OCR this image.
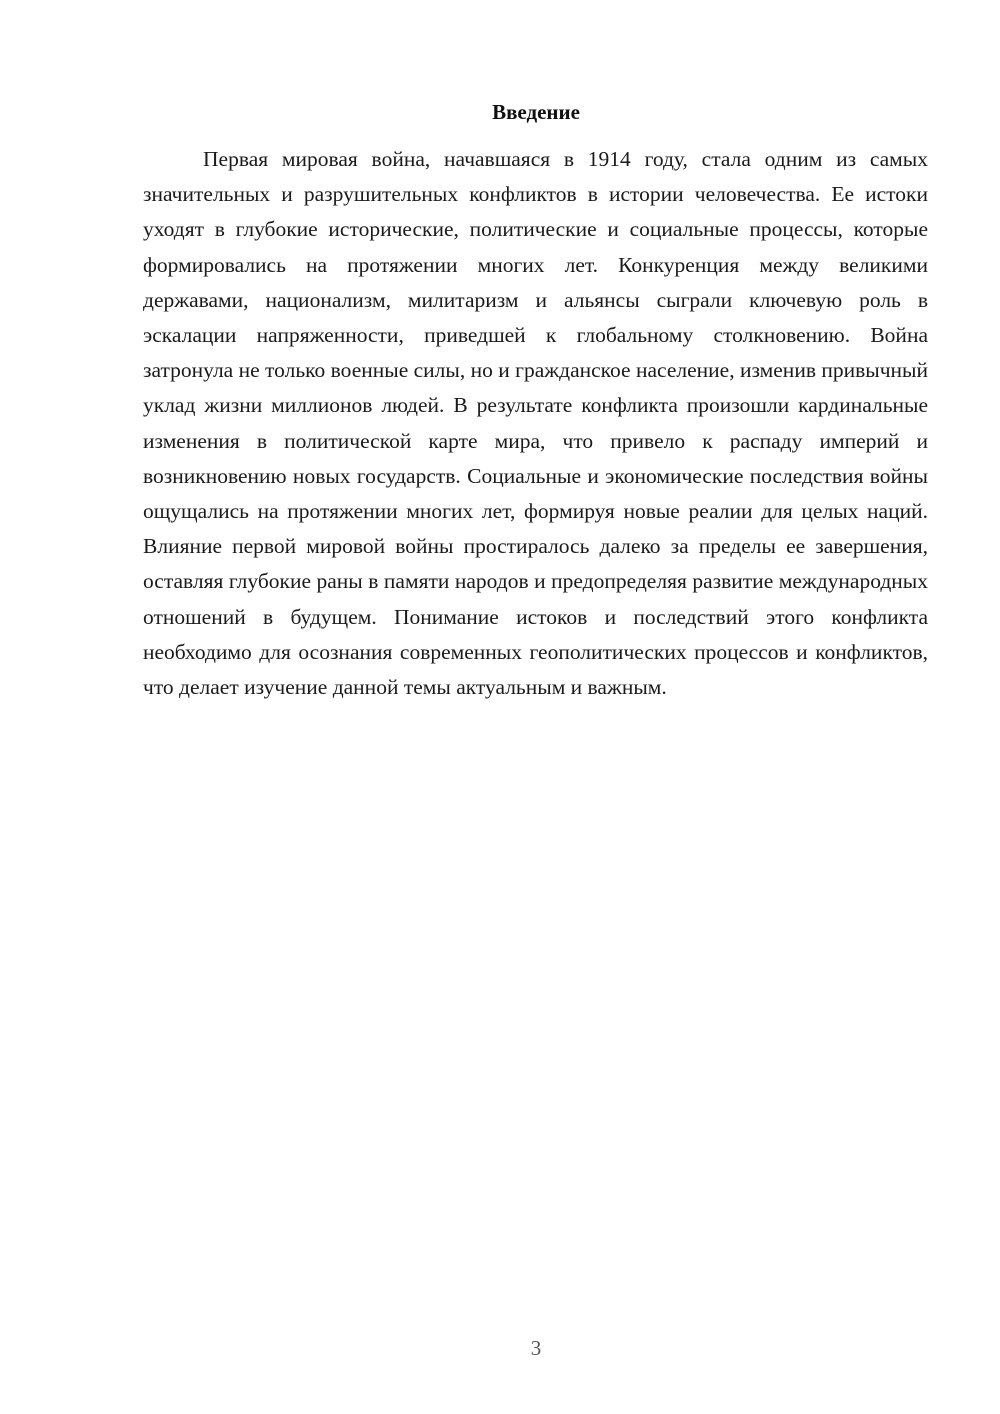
Введение

Первая мировая война, начавшаяся в 1914 году, стала одним из самых значительных и разрушительных конфликтов в истории человечества. Ее истоки уходят в глубокие исторические, политические и социальные процессы, которые формировались на протяжении многих лет. Конкуренция между великими державами, национализм, милитаризм и альянсы сыграли ключевую роль в эскалации напряженности, приведшей к глобальному столкновению. Война затронула не только военные силы, но и гражданское население, изменив привычный уклад жизни миллионов людей. В результате конфликта произошли кардинальные изменения в политической карте мира, что привело к распаду империй и возникновению новых государств. Социальные и экономические последствия войны ощущались на протяжении многих лет, формируя новые реалии для целых наций. Влияние первой мировой войны простиралось далеко за пределы ее завершения, оставляя глубокие раны в памяти народов и предопределяя развитие международных отношений в будущем. Понимание истоков и последствий этого конфликта необходимо для осознания современных геополитических процессов и конфликтов, что делает изучение данной темы актуальным и важным.

3
